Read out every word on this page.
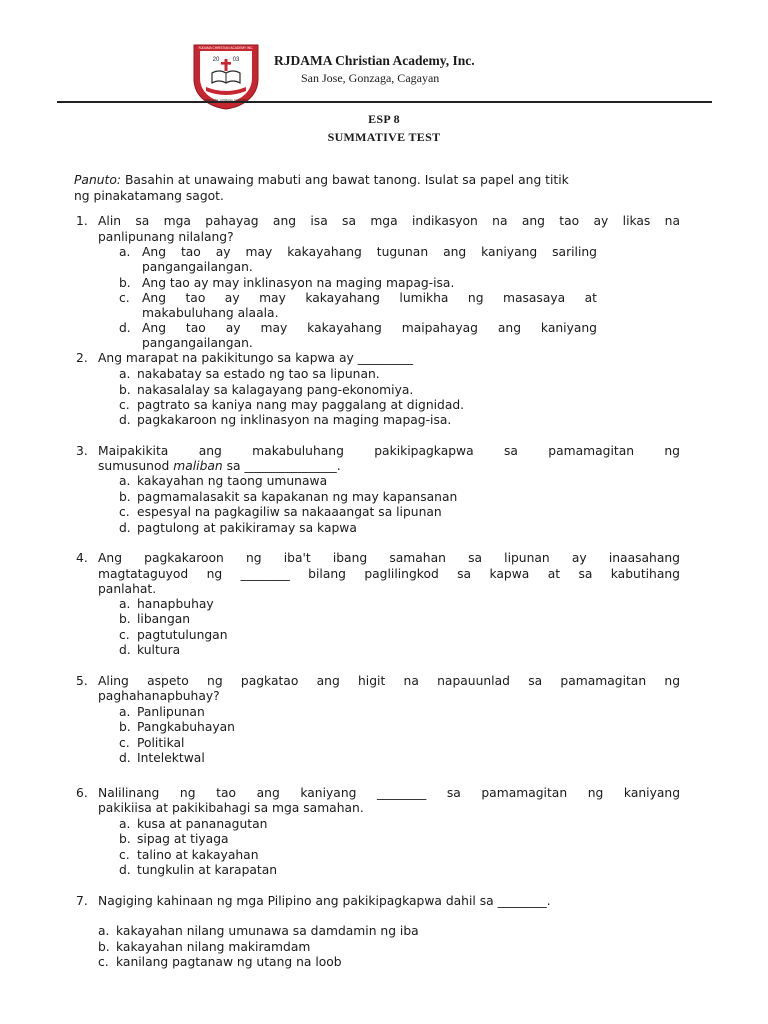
RJDAMA CHRISTIAN ACADEMY INC.
20 03	RJDAMA Christian Academy, Inc.
San Jose, Gonzaga, Cagayan
ESP 8
SUMMATIVE TEST
Panuto: Basahin at unawaing mabuti ang bawat tanong. Isulat sa papel ang titik
ng pinakatamang sagot.
1. Alin sa mga pahayag ang isa sa mga indikasyon na ang tao ay likas na
panlipunang nilalang?
a. Ang tao ay may kakayahang tugunan ang kaniyang sariling
pangangailangan.
b. Ang tao ay may inklinasyon na maging mapag-isa.
c. Ang tao ay may kakayahang lumikha ng masasaya at
makabuluhang alaala.
d. Ang tao ay may kakayahang maipahayag ang kaniyang
pangangailangan.
2. Ang marapat na pakikitungo sa kapwa ay _________
a. nakabatay sa estado ng tao sa lipunan.
b. nakasalalay sa kalagayang pang-ekonomiya.
c. pagtrato sa kaniya nang may paggalang at dignidad.
d. pagkakaroon ng inklinasyon na maging mapag-isa.
3. Maipakikita ang makabuluhang pakikipagkapwa sa pamamagitan ng
sumusunod maliban sa _______________.
a. kakayahan ng taong umunawa
b. pagmamalasakit sa kapakanan ng may kapansanan
c. espesyal na pagkagiliw sa nakaaangat sa lipunan
d. pagtulong at pakikiramay sa kapwa
4. Ang pagkakaroon ng iba't ibang samahan sa lipunan ay inaasahang
magtataguyod ng ________ bilang paglilingkod sa kapwa at sa kabutihang
panlahat.
a. hanapbuhay
b. libangan
c. pagtutulungan
d. kultura
5. Aling aspeto ng pagkatao ang higit na napauunlad sa pamamagitan ng
paghahanapbuhay?
a. Panlipunan
b. Pangkabuhayan
c. Politikal
d. Intelektwal
6. Nalilinang ng tao ang kaniyang ________ sa pamamagitan ng kaniyang
pakikiisa at pakikibahagi sa mga samahan.
a. kusa at pananagutan
b. sipag at tiyaga
c. talino at kakayahan
d. tungkulin at karapatan
7. Nagiging kahinaan ng mga Pilipino ang pakikipagkapwa dahil sa ________.
a. kakayahan nilang umunawa sa damdamin ng iba
b. kakayahan nilang makiramdam
c. kanilang pagtanaw ng utang na loob
